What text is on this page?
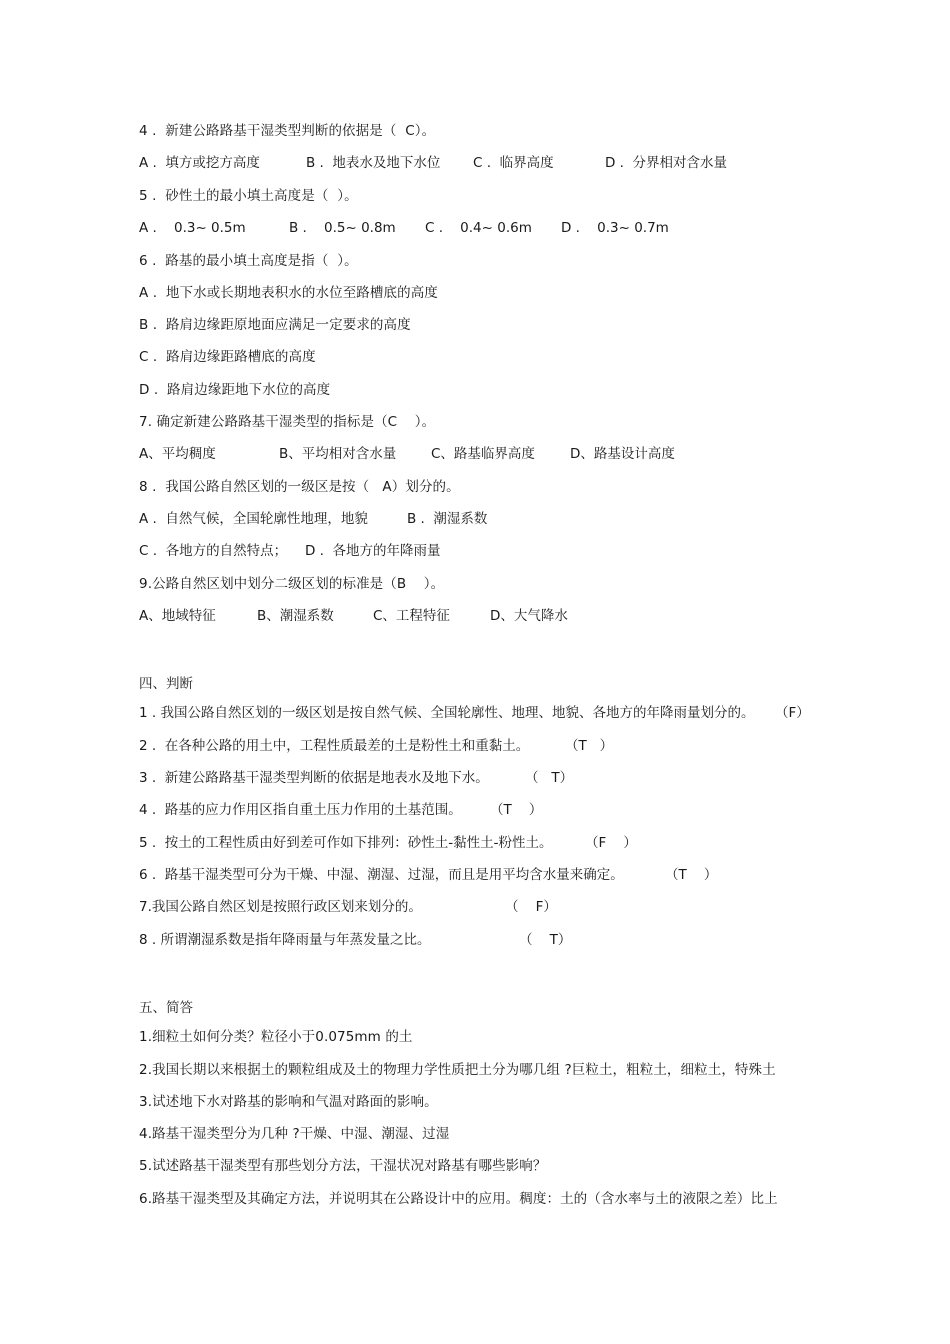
4 .  新建公路路基干湿类型判断的依据是（  C）。

A .  填方或挖方高度

	B .  地表水及地下水位

C .  临界高度

	D .  分界相对含水量

5 .  砂性土的最小填土高度是（  ）。

A .    0.3~ 0.5m

	B .    0.5~ 0.8m

C .    0.4~ 0.6m

D .    0.3~ 0.7m

6 .  路基的最小填土高度是指（  ）。
A .  地下水或长期地表积水的水位至路槽底的高度
B .  路肩边缘距原地面应满足一定要求的高度
C .  路肩边缘距路槽底的高度
D .  路肩边缘距地下水位的高度
7. 确定新建公路路基干湿类型的指标是（C    ）。

A、平均稠度

	B、平均相对含水量

	C、路基临界高度

	D、路基设计高度

8 .  我国公路自然区划的一级区是按（   A）划分的。

A .  自然气候，全国轮廓性地理，地貌

	B .  潮湿系数

C .  各地方的自然特点；

D .  各地方的年降雨量

9.公路自然区划中划分二级区划的标准是（B    ）。

A、地域特征

	B、潮湿系数

	C、工程特征

	D、大气降水

四、判断

1 . 我国公路自然区划的一级区划是按自然气候、全国轮廓性、地理、地貌、各地方的年降雨量划分的。

（F）

2 .  在各种公路的用土中，工程性质最差的土是粉性土和重黏土。

	（T   ）

3 .  新建公路路基干湿类型判断的依据是地表水及地下水。

	（   T）

4 .  路基的应力作用区指自重土压力作用的土基范围。

（T    ）

5 .  按土的工程性质由好到差可作如下排列：砂性土-黏性土-粉性土。

（F    ）

6 .  路基干湿类型可分为干燥、中湿、潮湿、过湿，而且是用平均含水量来确定。

	（T    ）

7.我国公路自然区划是按照行政区划来划分的。

	（    F）

8 . 所谓潮湿系数是指年降雨量与年蒸发量之比。

	（    T）

五、简答
1.细粒土如何分类？粒径小于0.075mm 的土
2.我国长期以来根据土的颗粒组成及土的物理力学性质把土分为哪几组 ?巨粒土，粗粒土，细粒土，特殊土
3.试述地下水对路基的影响和气温对路面的影响。
4.路基干湿类型分为几种 ?干燥、中湿、潮湿、过湿
5.试述路基干湿类型有那些划分方法，干湿状况对路基有哪些影响？
6.路基干湿类型及其确定方法，并说明其在公路设计中的应用。稠度：土的（含水率与土的液限之差）比上
